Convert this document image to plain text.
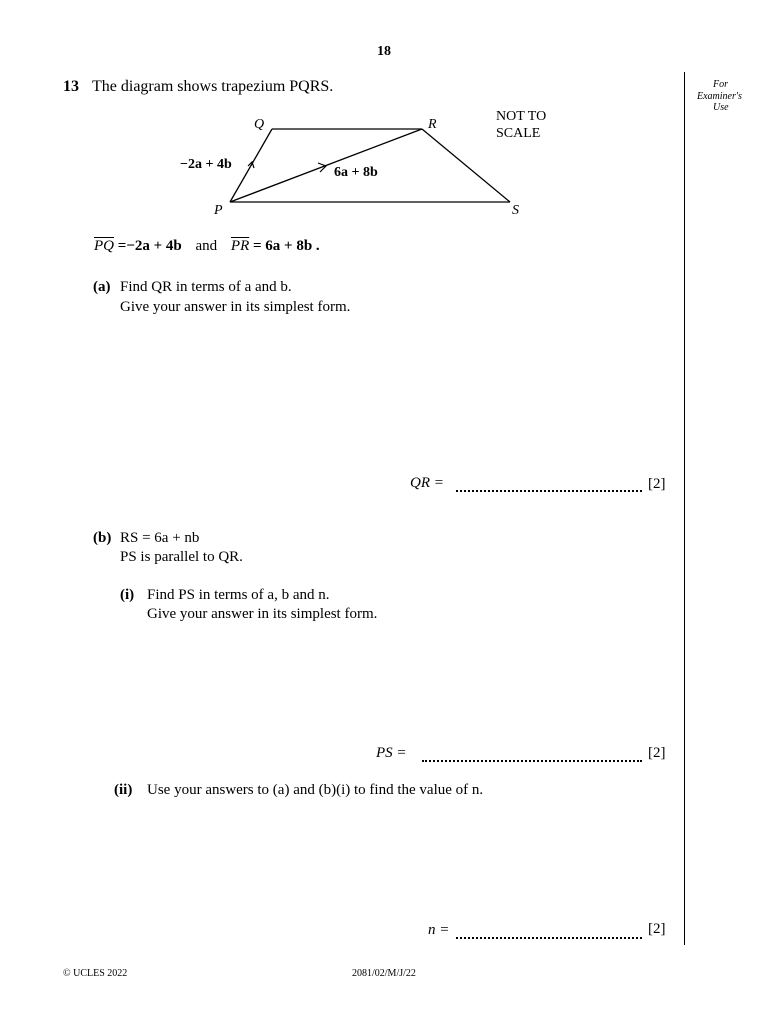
18
For
Examiner's
Use
13 The diagram shows trapezium PQRS.
P
Q	R
S
−2a + 4b
6a + 8b
NOT TO
SCALE
$\overline{PQ} =-2a + 4b$ and $\overline{PR} = 6a + 8b$ .
(a) Find QR in terms of a and b.
Give your answer in its simplest form.
QR =	[2]
(b) RS = 6a + nb
PS is parallel to QR.
(i) Find PS in terms of a, b and n.
Give your answer in its simplest form.
PS =	[2]
(ii) Use your answers to (a) and (b)(i) to find the value of n.
n =	[2]
© UCLES 2022	2081/02/M/J/22
